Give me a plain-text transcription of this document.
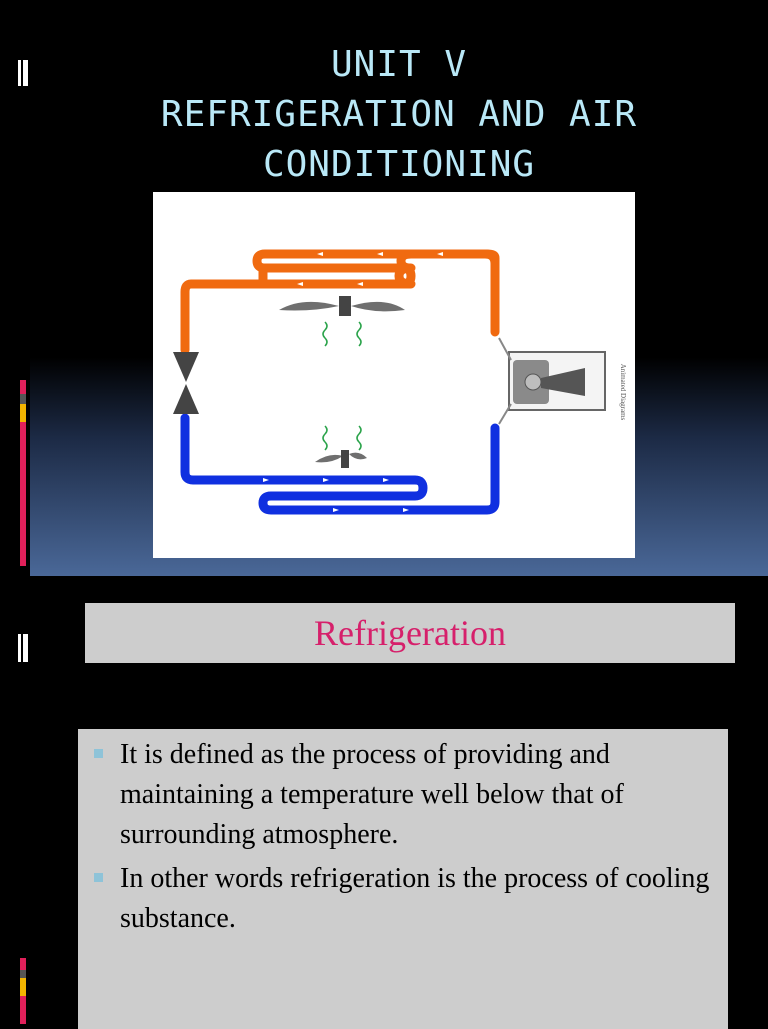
UNIT V
REFRIGERATION AND AIR
CONDITIONING
Animated Diagrams
Refrigeration
It is defined as the process of providing and maintaining a temperature well below that of surrounding atmosphere.
In other words refrigeration is the process of cooling substance.
